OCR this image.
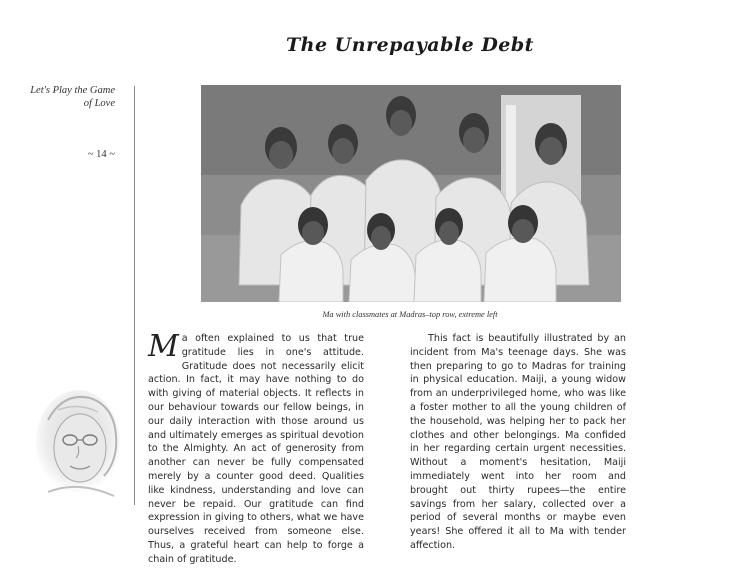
Let's Play the Game of Love
~ 14 ~
The Unrepayable Debt
Ma with classmates at Madras–top row, extreme left

Ma often explained to us that true gratitude lies in one's attitude. Gratitude does not necessarily elicit action. In fact, it may have nothing to do with giving of material objects. It reflects in our behaviour towards our fellow beings, in our daily interaction with those around us and ultimately emerges as spiritual devotion to the Almighty. An act of generosity from another can never be fully compensated merely by a counter good deed. Qualities like kindness, understanding and love can never be repaid. Our gratitude can find expression in giving to others, what we have ourselves received from someone else. Thus, a grateful heart can help to forge a chain of gratitude.

This fact is beautifully illustrated by an incident from Ma's teenage days. She was then preparing to go to Madras for training in physical education. Maiji, a young widow from an underprivileged home, who was like a foster mother to all the young children of the household, was helping her to pack her clothes and other belongings. Ma confided in her regarding certain urgent necessities. Without a moment's hesitation, Maiji immediately went into her room and brought out thirty rupees—the entire savings from her salary, collected over a period of several months or maybe even years! She offered it all to Ma with tender affection.
